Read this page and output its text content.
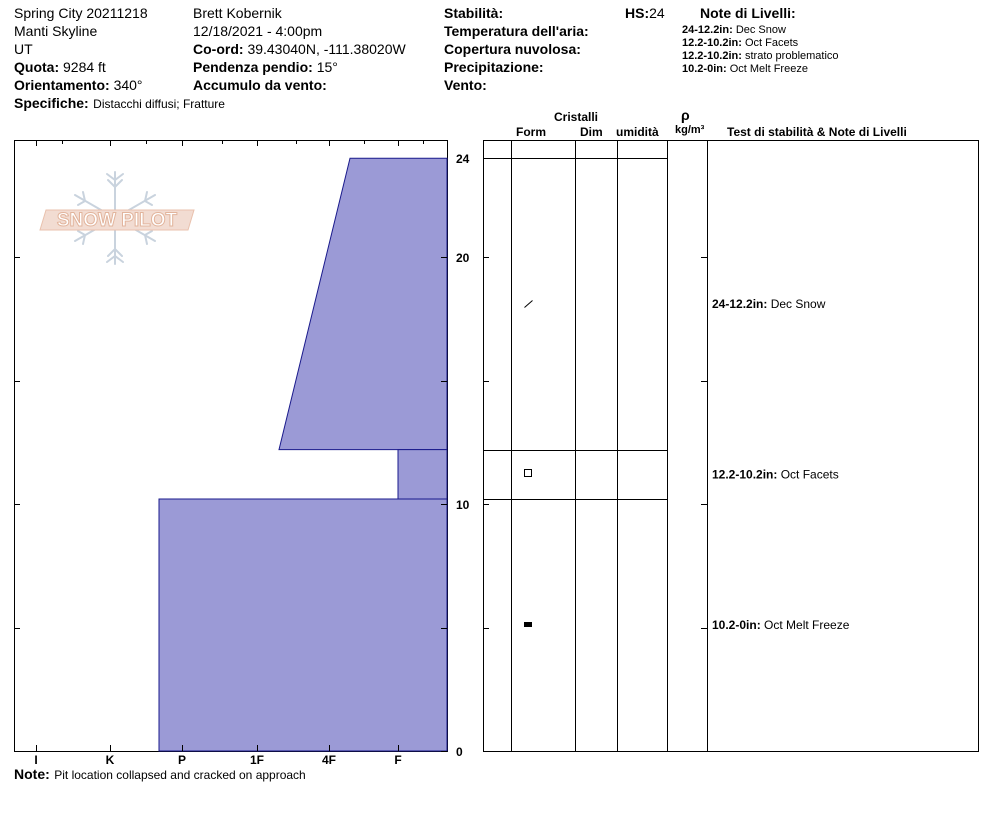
Spring City 20211218
Manti Skyline
UT
Quota: 9284 ft
Orientamento: 340°
Specifiche: Distacchi diffusi; Fratture
Brett Kobernik
12/18/2021 - 4:00pm
Co-ord: 39.43040N, -111.38020W
Pendenza pendio: 15°
Accumulo da vento:
Stabilità:
Temperatura dell'aria:
Copertura nuvolosa:
Precipitazione:
Vento:
HS:24	Note di Livelli:
24-12.2in: Dec Snow
12.2-10.2in: Oct Facets
12.2-10.2in: strato problematico
10.2-0in: Oct Melt Freeze
Cristalli
Form	Dim umidità
ρ
kg/m³ Test di stabilità & Note di Livelli
F
4F
1F
P
K
I
0
10
20
24
24-12.2in: Dec Snow
12.2-10.2in: Oct Facets
10.2-0in: Oct Melt Freeze
SNOW PILOT
Note: Pit location collapsed and cracked on approach
